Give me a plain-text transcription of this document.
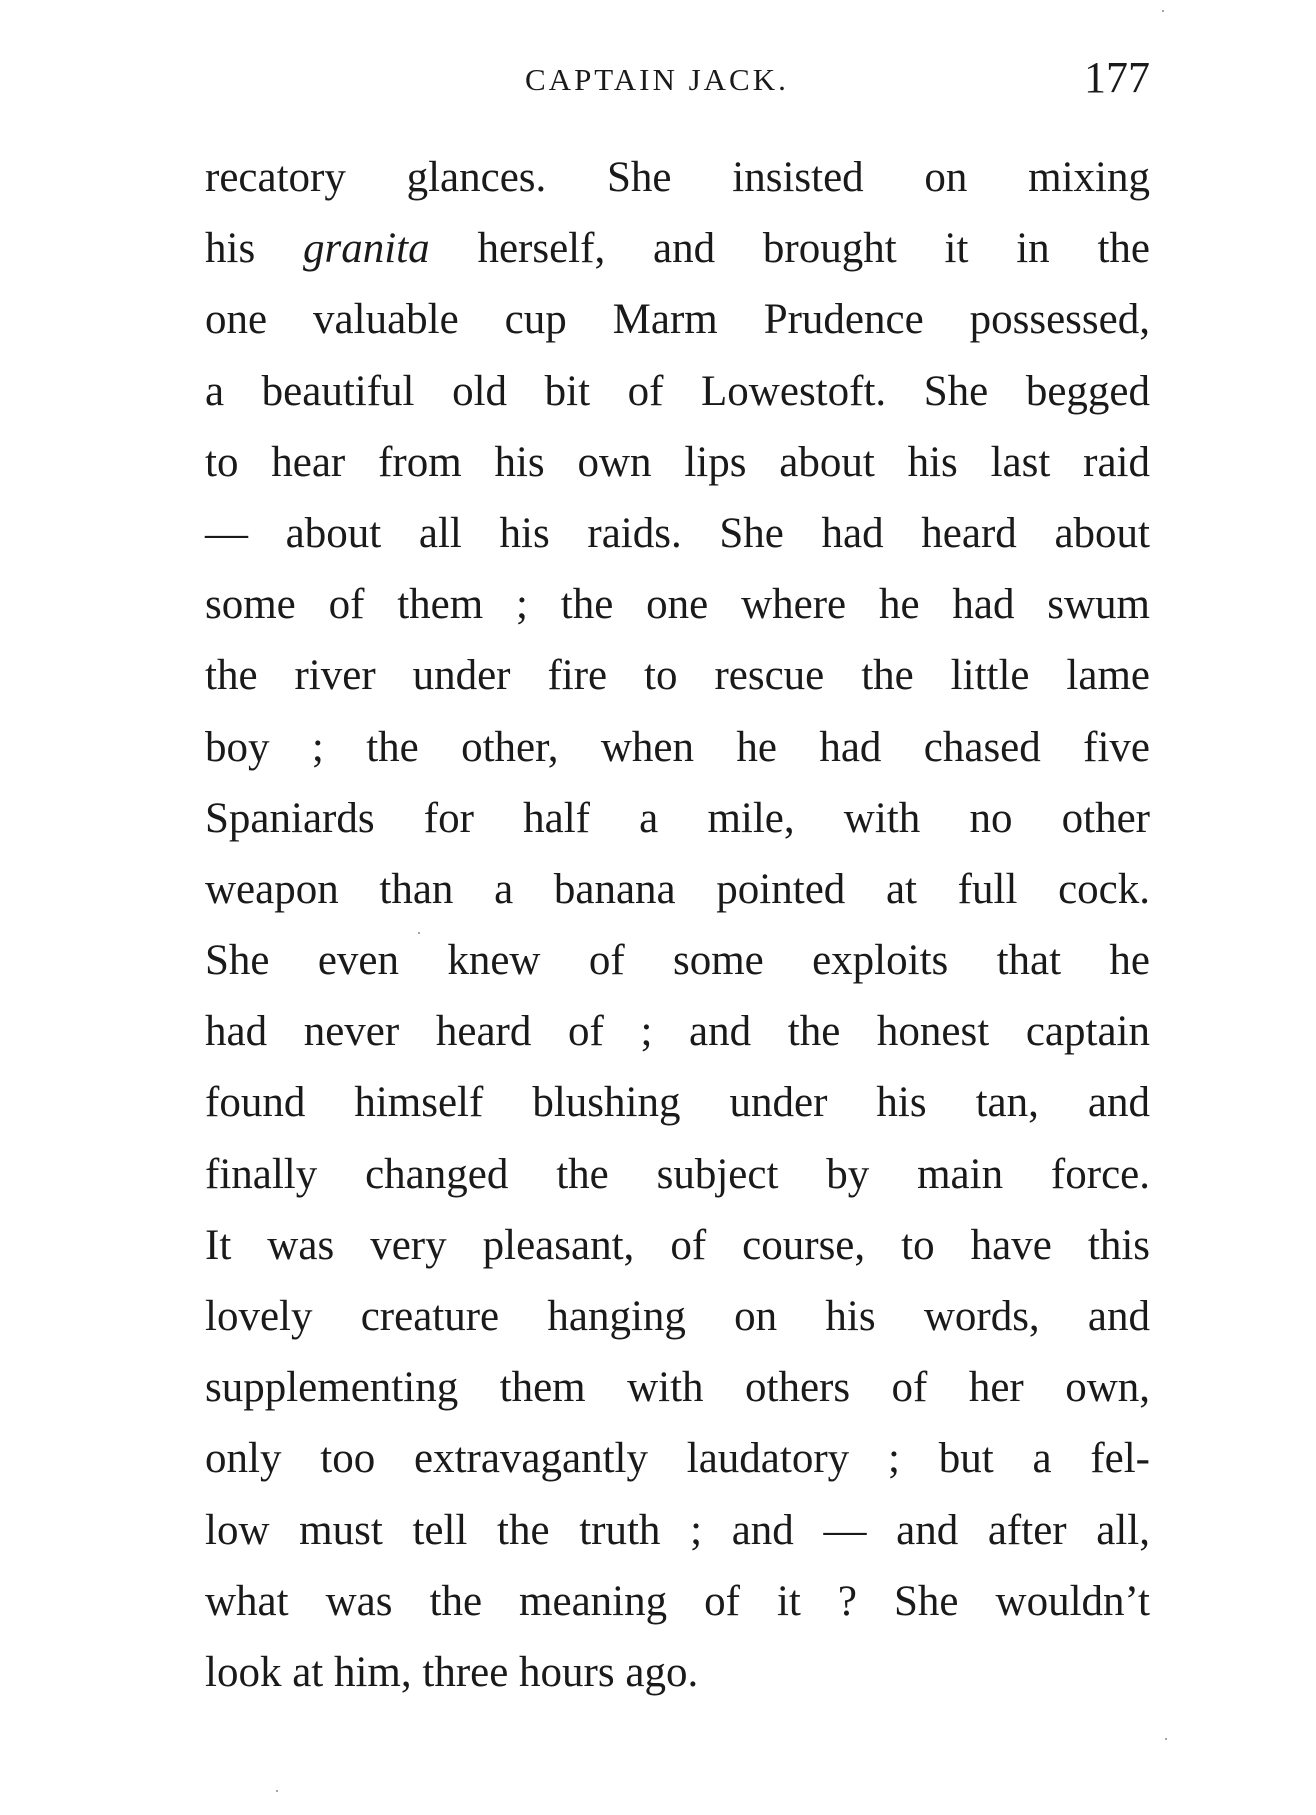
CAPTAIN JACK.	177
recatory glances. She insisted on mixing
his granita herself, and brought it in the
one valuable cup Marm Prudence possessed,
a beautiful old bit of Lowestoft. She begged
to hear from his own lips about his last raid
— about all his raids. She had heard about
some of them ; the one where he had swum
the river under fire to rescue the little lame
boy ; the other, when he had chased five
Spaniards for half a mile, with no other
weapon than a banana pointed at full cock.
She even knew of some exploits that he
had never heard of ; and the honest captain
found himself blushing under his tan, and
finally changed the subject by main force.
It was very pleasant, of course, to have this
lovely creature hanging on his words, and
supplementing them with others of her own,
only too extravagantly laudatory ; but a fel-
low must tell the truth ; and — and after all,
what was the meaning of it ? She wouldn’t
look at him, three hours ago.
